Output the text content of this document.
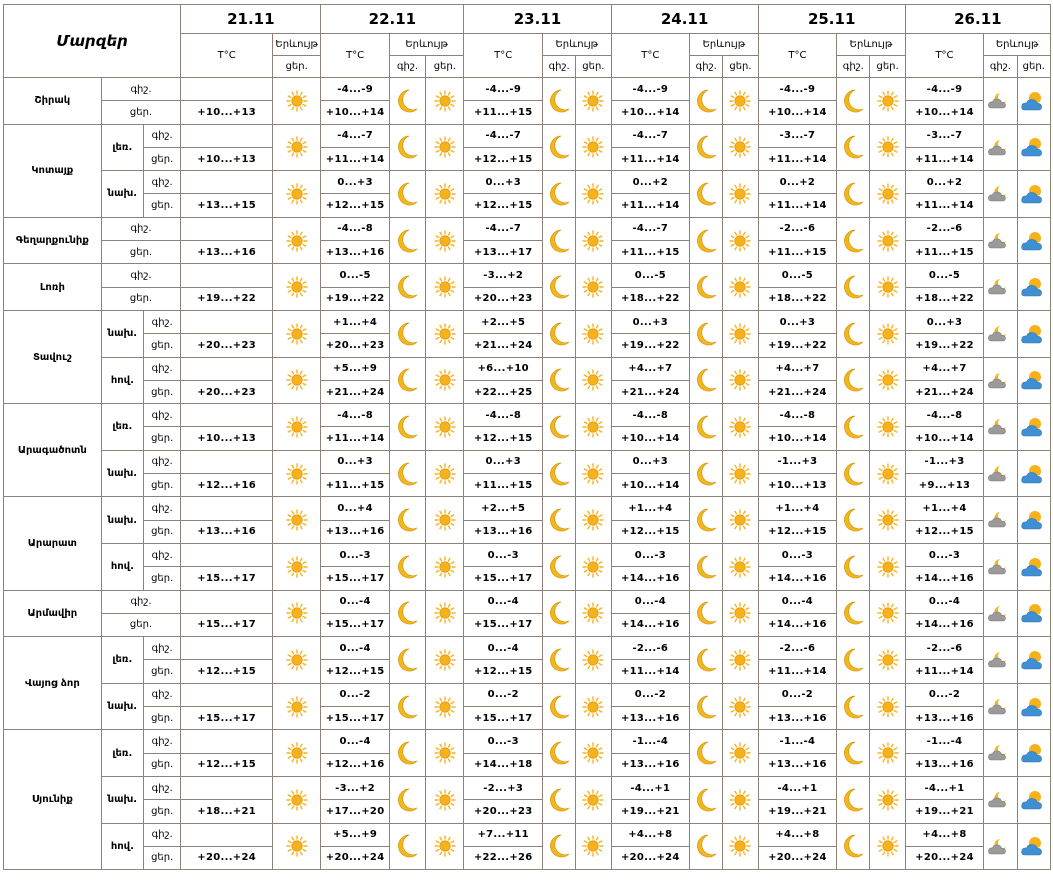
Մարզեր			21.11		22.11			23.11			24.11			25.11			26.11		
			T°C	Երևույթ	T°C	Երևույթ		T°C	Երևույթ		T°C	Երևույթ		T°C	Երևույթ		T°C	Երևույթ	
				ցեր.		գիշ.	ցեր.		գիշ.	ցեր.		գիշ.	ցեր.		գիշ.	ցեր.		գիշ.	ցեր.
Շիրակ	գիշ.				-4...-9			-4...-9			-4...-9			-4...-9			-4...-9		
	ցեր.		+10...+13		+10...+14			+11...+15			+10...+14			+10...+14			+10...+14		
Կոտայք	լեռ.	գիշ.			-4...-7			-4...-7			-4...-7			-3...-7			-3...-7		
		ցեր.	+10...+13		+11...+14			+12...+15			+11...+14			+11...+14			+11...+14		
	նախ.	գիշ.			0...+3			0...+3			0...+2			0...+2			0...+2		
		ցեր.	+13...+15		+12...+15			+12...+15			+11...+14			+11...+14			+11...+14		
Գեղարքունիք	գիշ.				-4...-8			-4...-7			-4...-7			-2...-6			-2...-6		
	ցեր.		+13...+16		+13...+16			+13...+17			+11...+15			+11...+15			+11...+15		
Լոռի	գիշ.				0...-5			-3...+2			0...-5			0...-5			0...-5		
	ցեր.		+19...+22		+19...+22			+20...+23			+18...+22			+18...+22			+18...+22		
Տավուշ	նախ.	գիշ.			+1...+4			+2...+5			0...+3			0...+3			0...+3		
		ցեր.	+20...+23		+20...+23			+21...+24			+19...+22			+19...+22			+19...+22		
	հով.	գիշ.			+5...+9			+6...+10			+4...+7			+4...+7			+4...+7		
		ցեր.	+20...+23		+21...+24			+22...+25			+21...+24			+21...+24			+21...+24		
Արագածոտն	լեռ.	գիշ.			-4...-8			-4...-8			-4...-8			-4...-8			-4...-8		
		ցեր.	+10...+13		+11...+14			+12...+15			+10...+14			+10...+14			+10...+14		
	նախ.	գիշ.			0...+3			0...+3			0...+3			-1...+3			-1...+3		
		ցեր.	+12...+16		+11...+15			+11...+15			+10...+14			+10...+13			+9...+13		
Արարատ	նախ.	գիշ.			0...+4			+2...+5			+1...+4			+1...+4			+1...+4		
		ցեր.	+13...+16		+13...+16			+13...+16			+12...+15			+12...+15			+12...+15		
	հով.	գիշ.			0...-3			0...-3			0...-3			0...-3			0...-3		
		ցեր.	+15...+17		+15...+17			+15...+17			+14...+16			+14...+16			+14...+16		
Արմավիր	գիշ.				0...-4			0...-4			0...-4			0...-4			0...-4		
	ցեր.		+15...+17		+15...+17			+15...+17			+14...+16			+14...+16			+14...+16		
Վայոց ձոր	լեռ.	գիշ.			0...-4			0...-4			-2...-6			-2...-6			-2...-6		
		ցեր.	+12...+15		+12...+15			+12...+15			+11...+14			+11...+14			+11...+14		
	նախ.	գիշ.			0...-2			0...-2			0...-2			0...-2			0...-2		
		ցեր.	+15...+17		+15...+17			+15...+17			+13...+16			+13...+16			+13...+16		
Սյունիք	լեռ.	գիշ.			0...-4			0...-3			-1...-4			-1...-4			-1...-4		
		ցեր.	+12...+15		+12...+16			+14...+18			+13...+16			+13...+16			+13...+16		
	նախ.	գիշ.			-3...+2			-2...+3			-4...+1			-4...+1			-4...+1		
		ցեր.	+18...+21		+17...+20			+20...+23			+19...+21			+19...+21			+19...+21		
	հով.	գիշ.			+5...+9			+7...+11			+4...+8			+4...+8			+4...+8		
		ցեր.	+20...+24		+20...+24			+22...+26			+20...+24			+20...+24			+20...+24		
